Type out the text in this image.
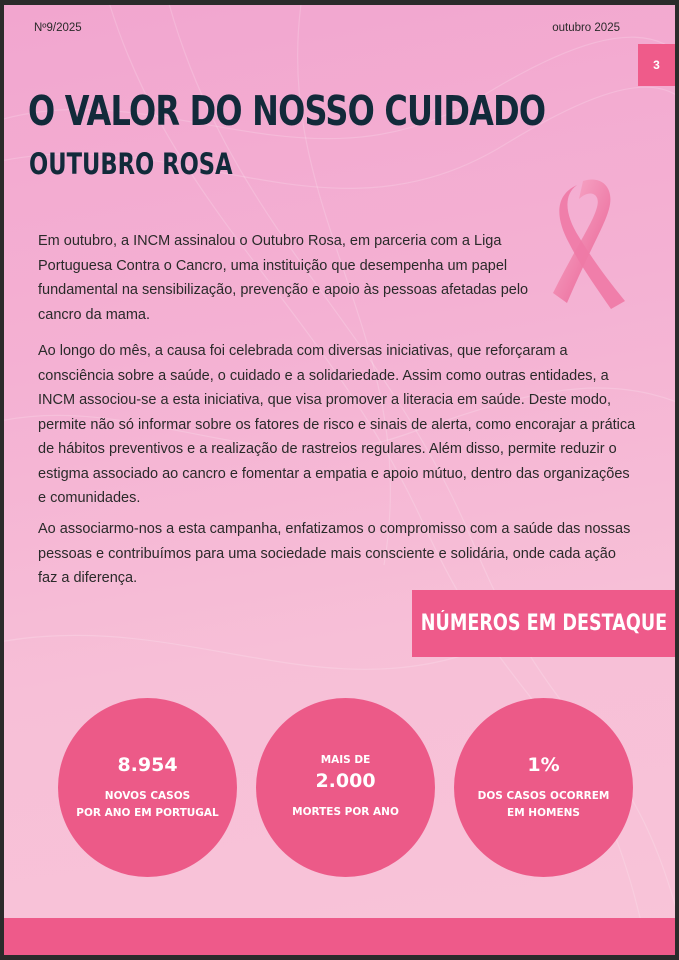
Nº9/2025	outubro 2025
3
O VALOR DO NOSSO CUIDADO
OUTUBRO ROSA

Em outubro, a INCM assinalou o Outubro Rosa, em parceria com a Liga Portuguesa Contra o Cancro, uma instituição que desempenha um papel fundamental na sensibilização, prevenção e apoio às pessoas afetadas pelo cancro da mama.

Ao longo do mês, a causa foi celebrada com diversas iniciativas, que reforçaram a consciência sobre a saúde, o cuidado e a solidariedade. Assim como outras entidades, a INCM associou-se a esta iniciativa, que visa promover a literacia em saúde. Deste modo, permite não só informar sobre os fatores de risco e sinais de alerta, como encorajar a prática de hábitos preventivos e a realização de rastreios regulares. Além disso, permite reduzir o estigma associado ao cancro e fomentar a empatia e apoio mútuo, dentro das organizações e comunidades.

Ao associarmo-nos a esta campanha, enfatizamos o compromisso com a saúde das nossas pessoas e contribuímos para uma sociedade mais consciente e solidária, onde cada ação faz a diferença.

NÚMEROS EM DESTAQUE
8.954
NOVOS CASOS
POR ANO EM PORTUGAL
MAIS DE
2.000
MORTES POR ANO
1%
DOS CASOS OCORREM
EM HOMENS
